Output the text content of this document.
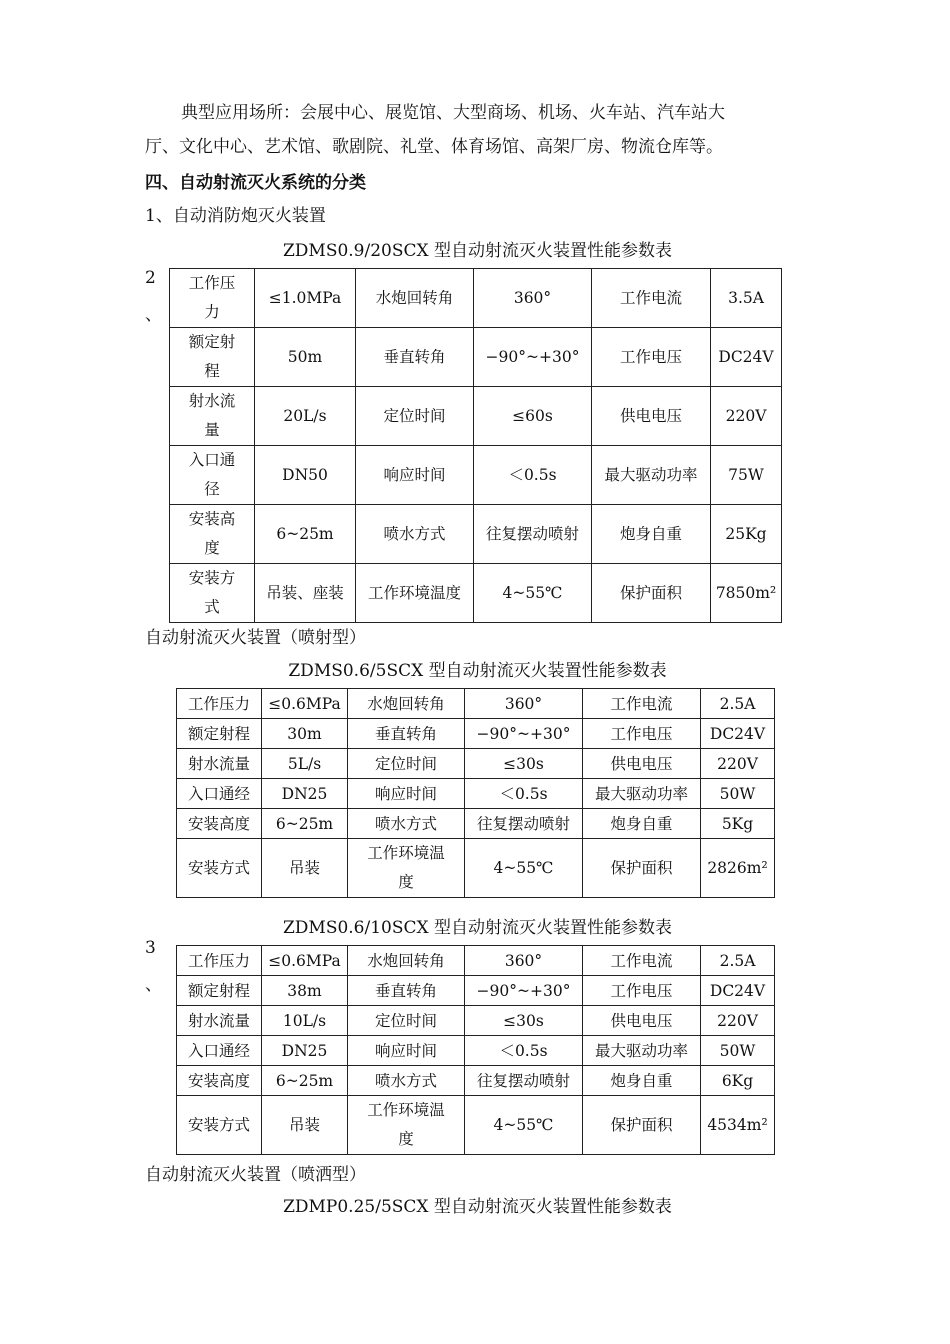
典型应用场所：会展中心、展览馆、大型商场、机场、火车站、汽车站大
厅、文化中心、艺术馆、歌剧院、礼堂、体育场馆、高架厂房、物流仓库等。
四、自动射流灭火系统的分类
1、自动消防炮灭火装置
ZDMS0.9/20SCX 型自动射流灭火装置性能参数表
2
、
工作压力	≤1.0MPa	水炮回转角	360°	工作电流	3.5A
额定射程	50m	垂直转角	−90°~+30°	工作电压	DC24V
射水流量	20L/s	定位时间	≤60s	供电电压	220V
入口通径	DN50	响应时间	＜0.5s	最大驱动功率	75W
安装高度	6~25m	喷水方式	往复摆动喷射	炮身自重	25Kg
安装方式	吊装、座装	工作环境温度	4~55℃	保护面积	7850m²
自动射流灭火装置（喷射型）
ZDMS0.6/5SCX 型自动射流灭火装置性能参数表
工作压力	≤0.6MPa	水炮回转角	360°	工作电流	2.5A
额定射程	30m	垂直转角	−90°~+30°	工作电压	DC24V
射水流量	5L/s	定位时间	≤30s	供电电压	220V
入口通经	DN25	响应时间	＜0.5s	最大驱动功率	50W
安装高度	6~25m	喷水方式	往复摆动喷射	炮身自重	5Kg
安装方式	吊装	工作环境温度	4~55℃	保护面积	2826m²
ZDMS0.6/10SCX 型自动射流灭火装置性能参数表
3
、
工作压力	≤0.6MPa	水炮回转角	360°	工作电流	2.5A
额定射程	38m	垂直转角	−90°~+30°	工作电压	DC24V
射水流量	10L/s	定位时间	≤30s	供电电压	220V
入口通经	DN25	响应时间	＜0.5s	最大驱动功率	50W
安装高度	6~25m	喷水方式	往复摆动喷射	炮身自重	6Kg
安装方式	吊装	工作环境温度	4~55℃	保护面积	4534m²
自动射流灭火装置（喷洒型）
ZDMP0.25/5SCX 型自动射流灭火装置性能参数表
